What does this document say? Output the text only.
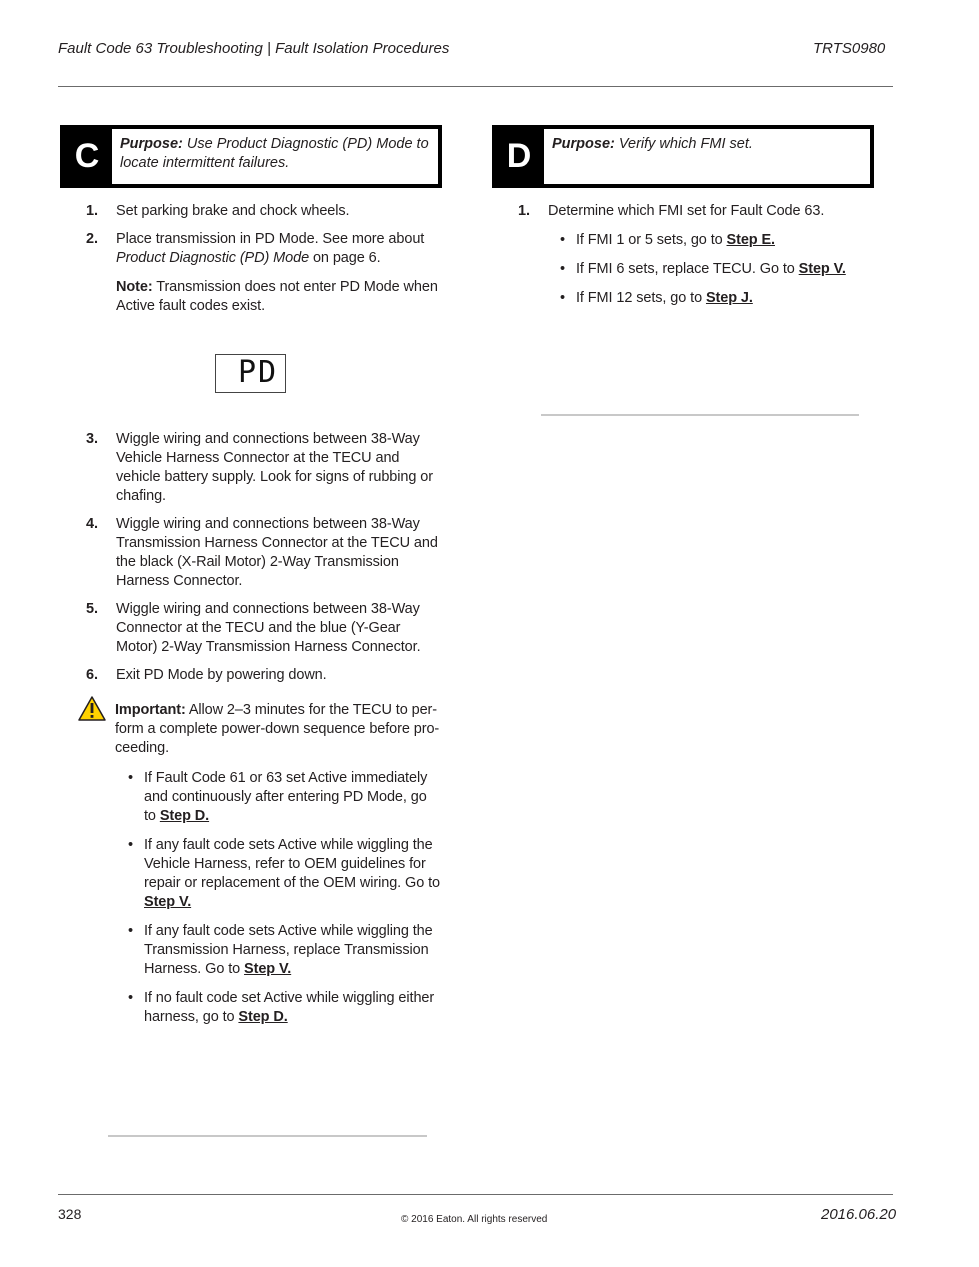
Fault Code 63 Troubleshooting | Fault Isolation Procedures	TRTS0980
C	Purpose: Use Product Diagnostic (PD) Mode to locate intermittent failures.
1. Set parking brake and chock wheels.
2. Place transmission in PD Mode. See more about Product Diagnostic (PD) Mode on page 6.
Note: Transmission does not enter PD Mode when Active fault codes exist.
PD
3. Wiggle wiring and connections between 38-Way Vehicle Harness Connector at the TECU and vehicle battery supply. Look for signs of rubbing or chafing.
4. Wiggle wiring and connections between 38-Way Transmission Harness Connector at the TECU and the black (X-Rail Motor) 2-Way Transmission Harness Connector.
5. Wiggle wiring and connections between 38-Way Connector at the TECU and the blue (Y-Gear Motor) 2-Way Transmission Harness Connector.
6. Exit PD Mode by powering down.
Important: Allow 2–3 minutes for the TECU to per-form a complete power-down sequence before pro-ceeding.
• If Fault Code 61 or 63 set Active immediately and continuously after entering PD Mode, go to Step D.
• If any fault code sets Active while wiggling the Vehicle Harness, refer to OEM guidelines for repair or replacement of the OEM wiring. Go to Step V.
• If any fault code sets Active while wiggling the Transmission Harness, replace Transmission Harness. Go to Step V.
• If no fault code set Active while wiggling either harness, go to Step D.
D	Purpose: Verify which FMI set.
1. Determine which FMI set for Fault Code 63.
• If FMI 1 or 5 sets, go to Step E.
• If FMI 6 sets, replace TECU. Go to Step V.
• If FMI 12 sets, go to Step J.
328	© 2016 Eaton. All rights reserved	2016.06.20
